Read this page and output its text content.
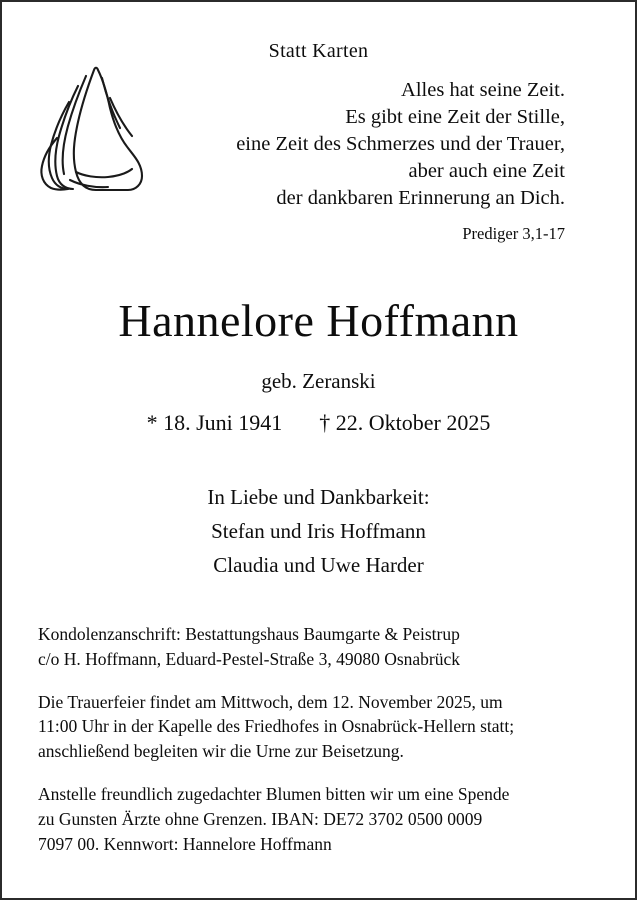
Statt Karten
Alles hat seine Zeit.
Es gibt eine Zeit der Stille,
eine Zeit des Schmerzes und der Trauer,
aber auch eine Zeit
der dankbaren Erinnerung an Dich.
Prediger 3,1-17
Hannelore Hoffmann
geb. Zeranski
* 18. Juni 1941 † 22. Oktober 2025
In Liebe und Dankbarkeit:
Stefan und Iris Hoffmann
Claudia und Uwe Harder

Kondolenzanschrift: Bestattungshaus Baumgarte & Peistrup
c/o H. Hoffmann, Eduard-Pestel-Straße 3, 49080 Osnabrück

Die Trauerfeier findet am Mittwoch, dem 12. November 2025, um
11:00 Uhr in der Kapelle des Friedhofes in Osnabrück-Hellern statt;
anschließend begleiten wir die Urne zur Beisetzung.

Anstelle freundlich zugedachter Blumen bitten wir um eine Spende
zu Gunsten Ärzte ohne Grenzen. IBAN: DE72 3702 0500 0009
7097 00. Kennwort: Hannelore Hoffmann
